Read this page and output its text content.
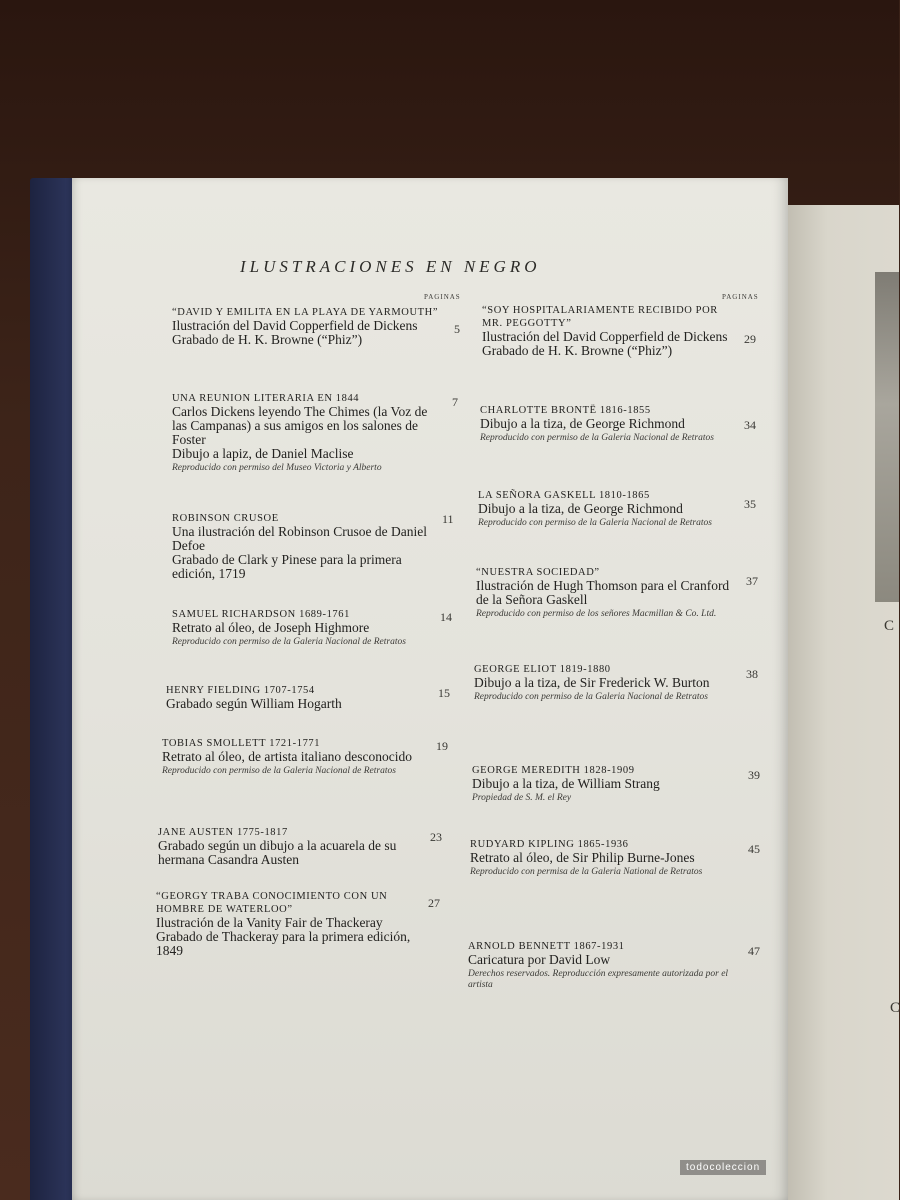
C
C
ILUSTRACIONES EN NEGRO
PAGINAS	PAGINAS
“DAVID Y EMILITA EN LA PLAYA DE YARMOUTH”
Ilustración del David Copperfield de Dickens
Grabado de H. K. Browne (“Phiz”)
5
UNA REUNION LITERARIA EN 1844
Carlos Dickens leyendo The Chimes (la Voz de las Campanas) a sus amigos en los salones de Foster
Dibujo a lapiz, de Daniel Maclise
Reproducido con permiso del Museo Victoria y Alberto
7
ROBINSON CRUSOE
Una ilustración del Robinson Crusoe de Daniel Defoe
Grabado de Clark y Pinese para la primera edición, 1719
11
SAMUEL RICHARDSON 1689-1761
Retrato al óleo, de Joseph Highmore
Reproducido con permiso de la Galeria Nacional de Retratos
14
HENRY FIELDING 1707-1754
Grabado según William Hogarth
15
TOBIAS SMOLLETT 1721-1771
Retrato al óleo, de artista italiano desconocido
Reproducido con permiso de la Galeria Nacional de Retratos
19
JANE AUSTEN 1775-1817
Grabado según un dibujo a la acuarela de su hermana Casandra Austen
23
“GEORGY TRABA CONOCIMIENTO CON UN HOMBRE DE WATERLOO”
Ilustración de la Vanity Fair de Thackeray
Grabado de Thackeray para la primera edición, 1849
27
“SOY HOSPITALARIAMENTE RECIBIDO POR MR. PEGGOTTY”
Ilustración del David Copperfield de Dickens
Grabado de H. K. Browne (“Phiz”)
29
CHARLOTTE BRONTË 1816-1855
Dibujo a la tiza, de George Richmond
Reproducido con permiso de la Galeria Nacional de Retratos
34
LA SEÑORA GASKELL 1810-1865
Dibujo a la tiza, de George Richmond
Reproducido con permiso de la Galeria Nacional de Retratos
35
“NUESTRA SOCIEDAD”
Ilustración de Hugh Thomson para el Cranford de la Señora Gaskell
Reproducido con permiso de los señores Macmillan & Co. Ltd.
37
GEORGE ELIOT 1819-1880
Dibujo a la tiza, de Sir Frederick W. Burton
Reproducido con permiso de la Galeria Nacional de Retratos
38
GEORGE MEREDITH 1828-1909
Dibujo a la tiza, de William Strang
Propiedad de S. M. el Rey
39
RUDYARD KIPLING 1865-1936
Retrato al óleo, de Sir Philip Burne-Jones
Reproducido con permisa de la Galeria National de Retratos
45
ARNOLD BENNETT 1867-1931
Caricatura por David Low
Derechos reservados. Reproducción expresamente autorizada por el artista
47
todocoleccion
